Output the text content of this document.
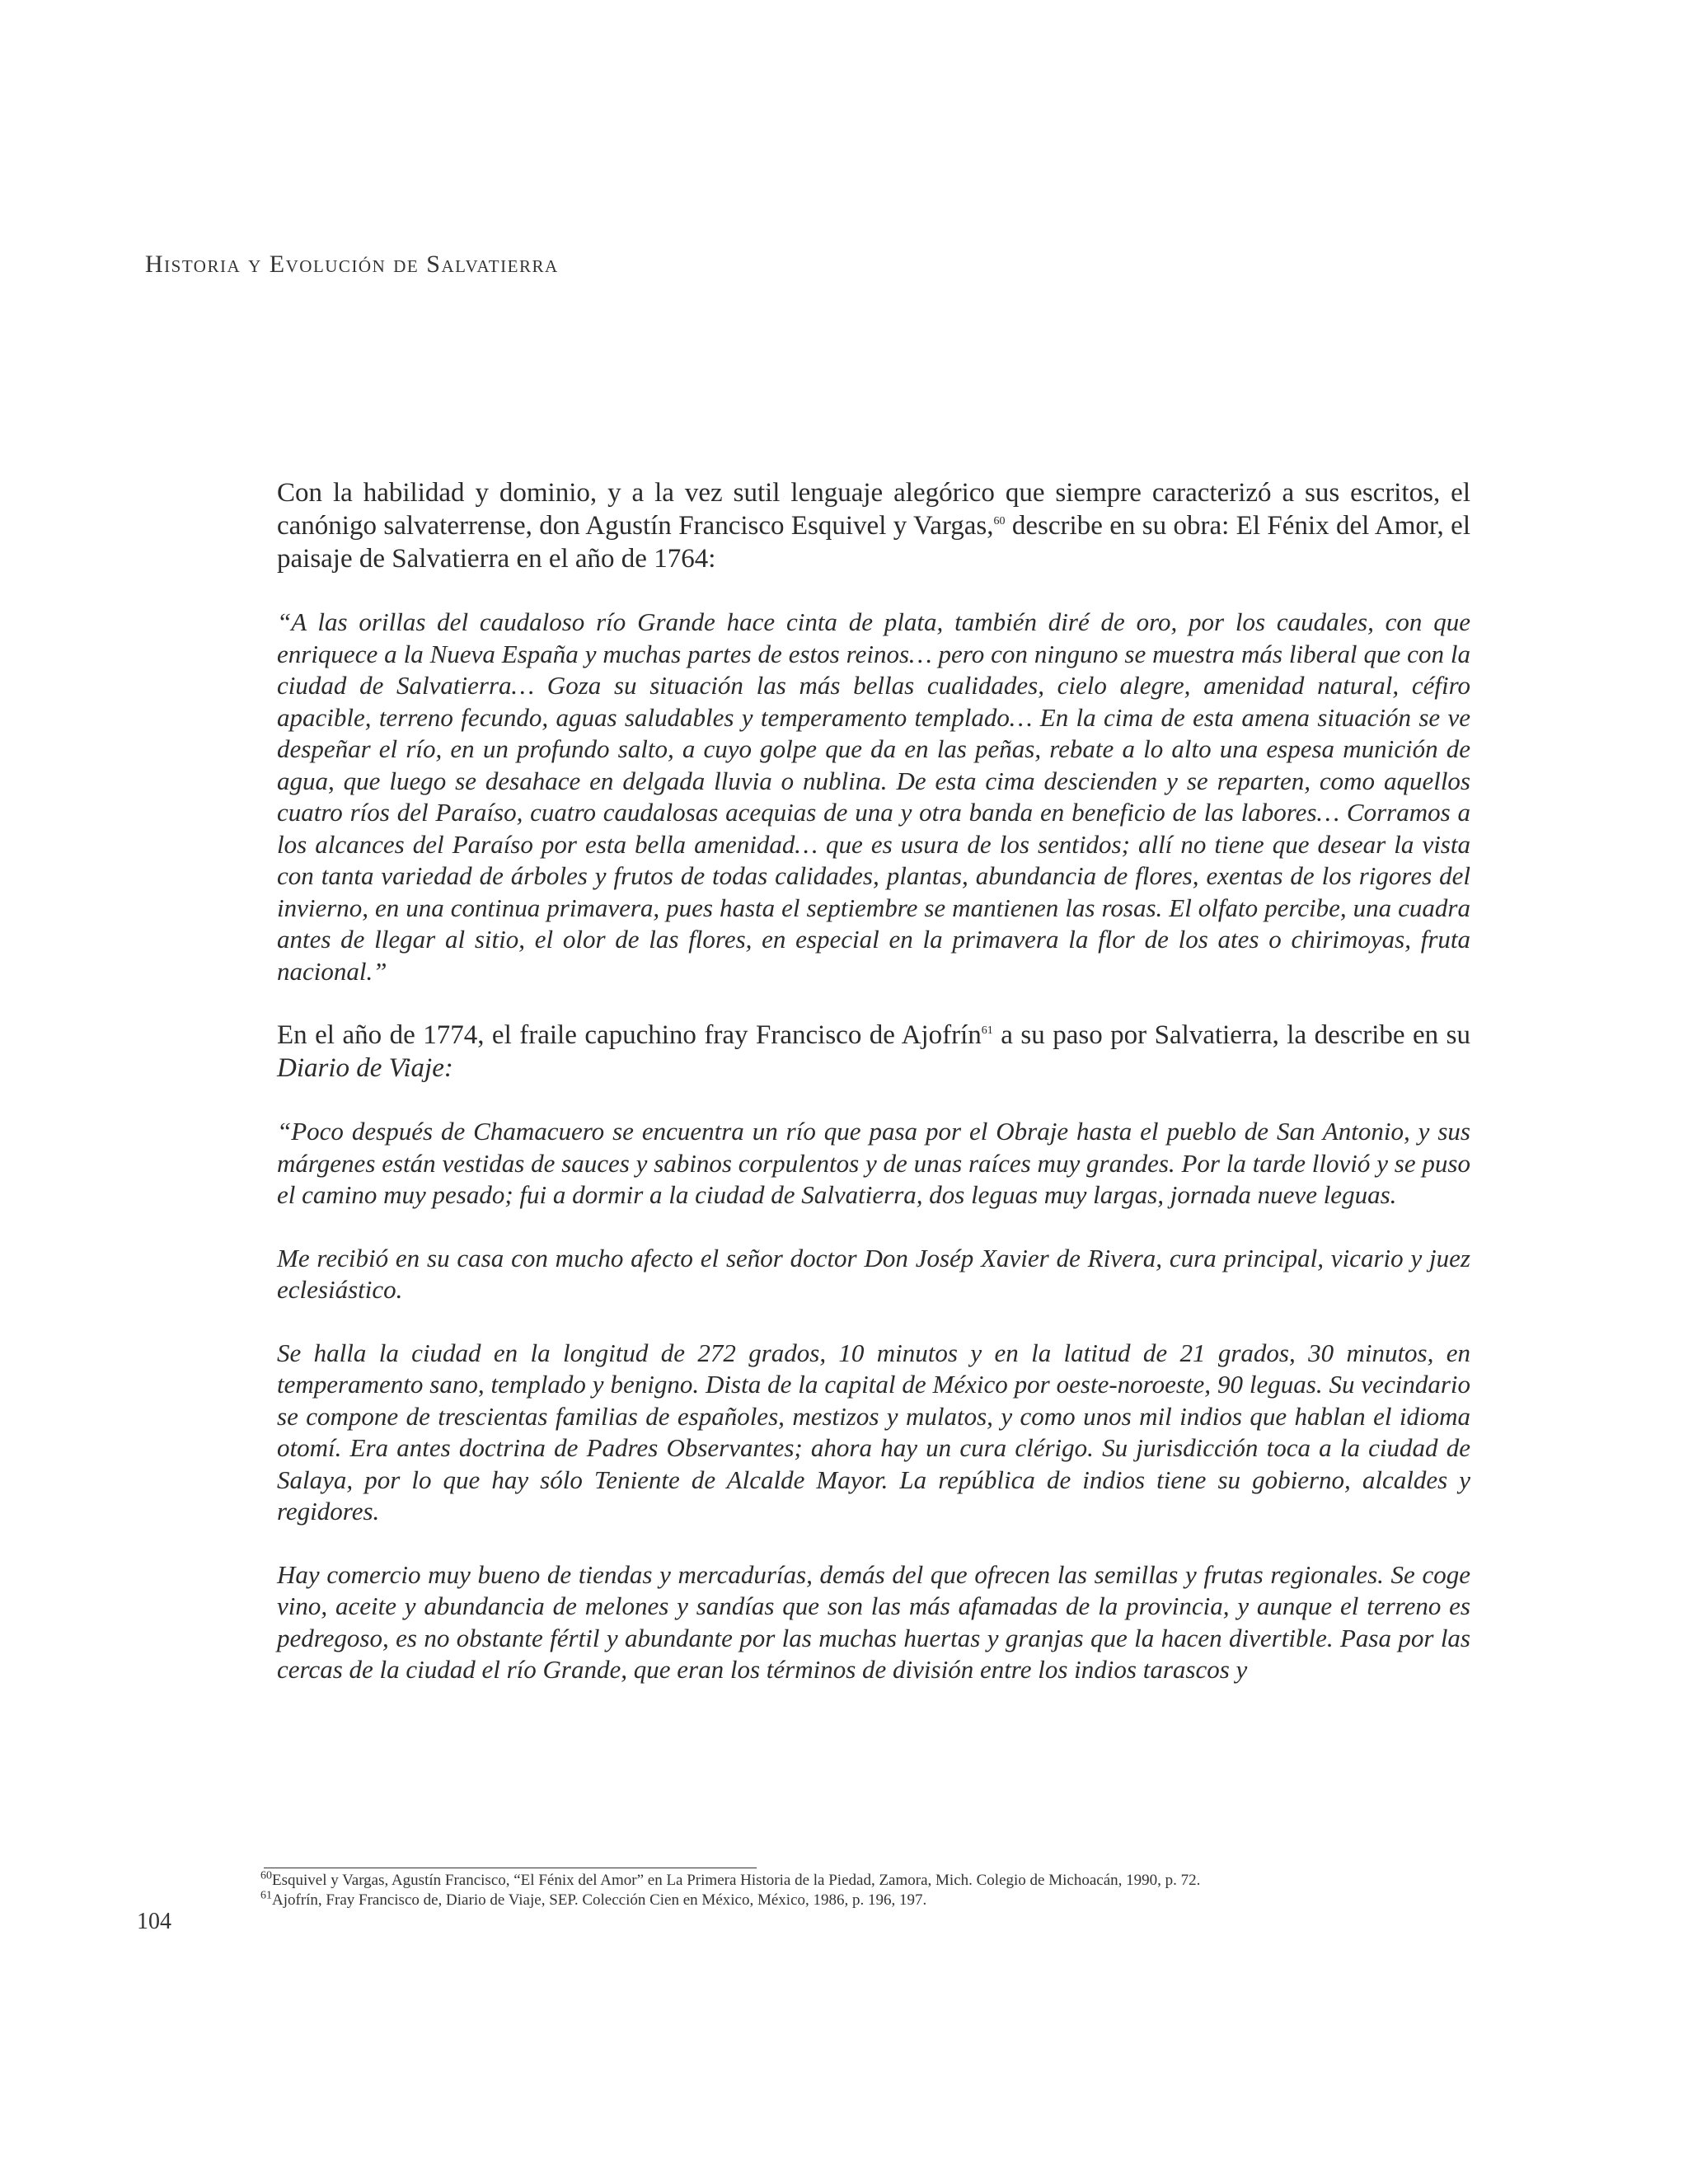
Historia y Evolución de Salvatierra

Con la habilidad y dominio, y a la vez sutil lenguaje alegórico que siempre caracterizó a sus escritos, el canónigo salvaterrense, don Agustín Francisco Esquivel y Vargas,$^{60}$ describe en su obra: El Fénix del Amor, el paisaje de Salvatierra en el año de 1764:

“A las orillas del caudaloso río Grande hace cinta de plata, también diré de oro, por los caudales, con que enriquece a la Nueva España y muchas partes de estos reinos… pero con ninguno se muestra más liberal que con la ciudad de Salvatierra… Goza su situación las más bellas cualidades, cielo alegre, amenidad natural, céfiro apacible, terreno fecundo, aguas saludables y temperamento templado… En la cima de esta amena situación se ve despeñar el río, en un profundo salto, a cuyo golpe que da en las peñas, rebate a lo alto una espesa munición de agua, que luego se desahace en delgada lluvia o nublina. De esta cima descienden y se reparten, como aquellos cuatro ríos del Paraíso, cuatro caudalosas acequias de una y otra banda en beneficio de las labores… Corramos a los alcances del Paraíso por esta bella amenidad… que es usura de los sentidos; allí no tiene que desear la vista con tanta variedad de árboles y frutos de todas calidades, plantas, abundancia de flores, exentas de los rigores del invierno, en una continua primavera, pues hasta el septiembre se mantienen las rosas. El olfato percibe, una cuadra antes de llegar al sitio, el olor de las flores, en especial en la primavera la flor de los ates o chirimoyas, fruta nacional.”

En el año de 1774, el fraile capuchino fray Francisco de Ajofrín$^{61}$ a su paso por Salvatierra, la describe en su Diario de Viaje:

“Poco después de Chamacuero se encuentra un río que pasa por el Obraje hasta el pueblo de San Antonio, y sus márgenes están vestidas de sauces y sabinos corpulentos y de unas raíces muy grandes. Por la tarde llovió y se puso el camino muy pesado; fui a dormir a la ciudad de Salvatierra, dos leguas muy largas, jornada nueve leguas.

Me recibió en su casa con mucho afecto el señor doctor Don Josép Xavier de Rivera, cura principal, vicario y juez eclesiástico.

Se halla la ciudad en la longitud de 272 grados, 10 minutos y en la latitud de 21 grados, 30 minutos, en temperamento sano, templado y benigno. Dista de la capital de México por oeste-noroeste, 90 leguas. Su vecindario se compone de trescientas familias de españoles, mestizos y mulatos, y como unos mil indios que hablan el idioma otomí. Era antes doctrina de Padres Observantes; ahora hay un cura clérigo. Su jurisdicción toca a la ciudad de Salaya, por lo que hay sólo Teniente de Alcalde Mayor. La república de indios tiene su gobierno, alcaldes y regidores.

Hay comercio muy bueno de tiendas y mercadurías, demás del que ofrecen las semillas y frutas regionales. Se coge vino, aceite y abundancia de melones y sandías que son las más afamadas de la provincia, y aunque el terreno es pedregoso, es no obstante fértil y abundante por las muchas huertas y granjas que la hacen divertible. Pasa por las cercas de la ciudad el río Grande, que eran los términos de división entre los indios tarascos y

$^{60}$Esquivel y Vargas, Agustín Francisco, “El Fénix del Amor” en La Primera Historia de la Piedad, Zamora, Mich. Colegio de Michoacán, 1990, p. 72.
$^{61}$Ajofrín, Fray Francisco de, Diario de Viaje, SEP. Colección Cien en México, México, 1986, p. 196, 197.
104
